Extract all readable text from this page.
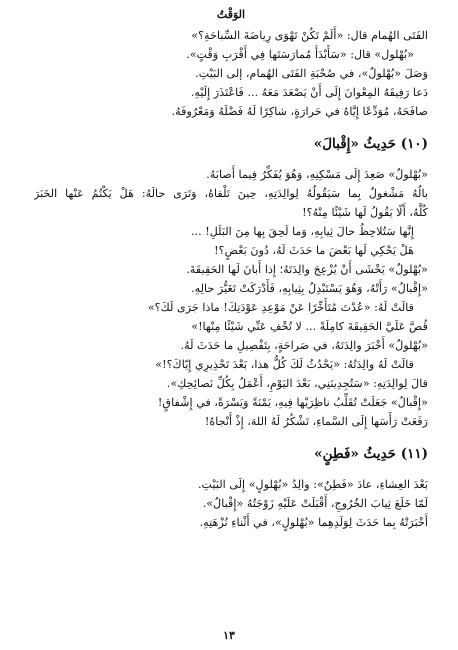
الوَقْتُ

الفَتَى الهُمام قال: «أَلَمْ تَكُنْ تَهْوَى رِياضَةَ السِّباحَةِ؟»

«بُهْلول» قال: «سَأَبْدَأُ مُمارَسَتَها فِي أَقْرَبِ وَقْتٍ».

وَصَلَ «بُهْلولٌ»، في صُحْبَةِ الفَتَى الهُمام، إلى البَيْتِ.

دَعا رَفِيقَهُ المِعْوانَ إِلَى أَنْ يَصْعَدَ مَعَهُ ... فَاعْتَذَرَ إِلَيْهِ.

صافَحَهُ، مُوَدِّعًا إِيَّاهُ في حَرارَةٍ، شاكِرًا لَهُ فَضْلَهُ وَمَعْرُوفَهُ.

(١٠) حَدِيثُ «إِقْبالَ»

«بُهْلولٌ» صَعِدَ إِلَى مَسْكِنِهِ، وَهُوَ يُفَكِّرُ فِيما أَصابَهُ.

بالُهُ مَشْغولٌ بِما سَيَقُولُهُ لِوالِدَتِهِ، حِينَ تَلْقاهُ، وَتَرَى حالَهُ: هَلْ يَكْتُمُ عَنْها الخَبَرَ

كُلَّهُ، أَلّا يَقُولُ لَها شَيْئًا مِنْهُ؟!

إِنَّها سَتُلاحِظُ حالَ ثِيابِهِ، وَما لَحِقَ بِها مِنَ البَلَلِ! ...

هَلْ يَحْكِي لَها بَعْضَ ما حَدَثَ لَهُ، دُونَ بَعْضٍ؟!

«بُهْلولٌ» يَخْشَى أَنْ يُزْعِجَ والِدَتَهُ؛ إِذا أَبانَ لَها الحَقِيقَةَ.

«إِقْبالُ» رَأَتْهُ، وَهُوَ يَسْتَبْدِلُ بِثِيابِهِ، فَأَدْرَكَتْ تَغَيُّرَ حالِهِ.

قالَتْ لَهُ: «عُدْتَ مُتَأَخِّرًا عَنْ مَوْعِدِ عَوْدَتِكَ! ماذا جَرَى لَكَ؟»

قُصَّ عَلَيَّ الحَقِيقَةَ كامِلَةً ... لا تُخْفِ عَنِّي شَيْئًا مِنْها!»

«بُهْلولٌ» أَخْبَرَ والِدَتَهُ، في صَراحَةٍ، بِتَفْصِيلِ ما حَدَثَ لَهُ.

قالَتْ لَهُ والِدَتُهُ: «يَحْدُثُ لَكَ كُلُّ هذا، بَعْدَ تَحْذِيرِي إِيّاكَ؟!»

قالَ لِوالِدَتِهِ: «سَتُجِدِينَنِي، بَعْدَ اليَوْمِ، أَعْمَلُ بِكُلِّ نَصائِحِكِ».

«إِقْبالُ» جَعَلَتْ تُقَلِّبُ ناظِرَيْها فِيهِ، يَمْنَةً وَيَسْرَةً، في إِشْفاقٍ!

رَفَعَتْ رَأْسَها إِلَى السَّماءِ، تَشْكُرُ لَهُ اللهَ، إِذْ أَنْجاهُ!

(١١) حَدِيثُ «فَطِنٍ»

بَعْدَ العِشاءِ، عادَ «فَطِنٌ»: والِدُ «بُهْلولٍ» إِلَى البَيْتِ.

لَمّا خَلَعَ ثِيابَ الخُرُوجِ، أَقْبَلَتْ عَلَيْهِ زَوْجَتُهُ «إِقْبالُ».

أَخْبَرَتْهُ بِما حَدَثَ لِوَلَدِهِما «بُهْلولٍ»، في أَثْناءِ نُزْهَتِهِ.

١٣
